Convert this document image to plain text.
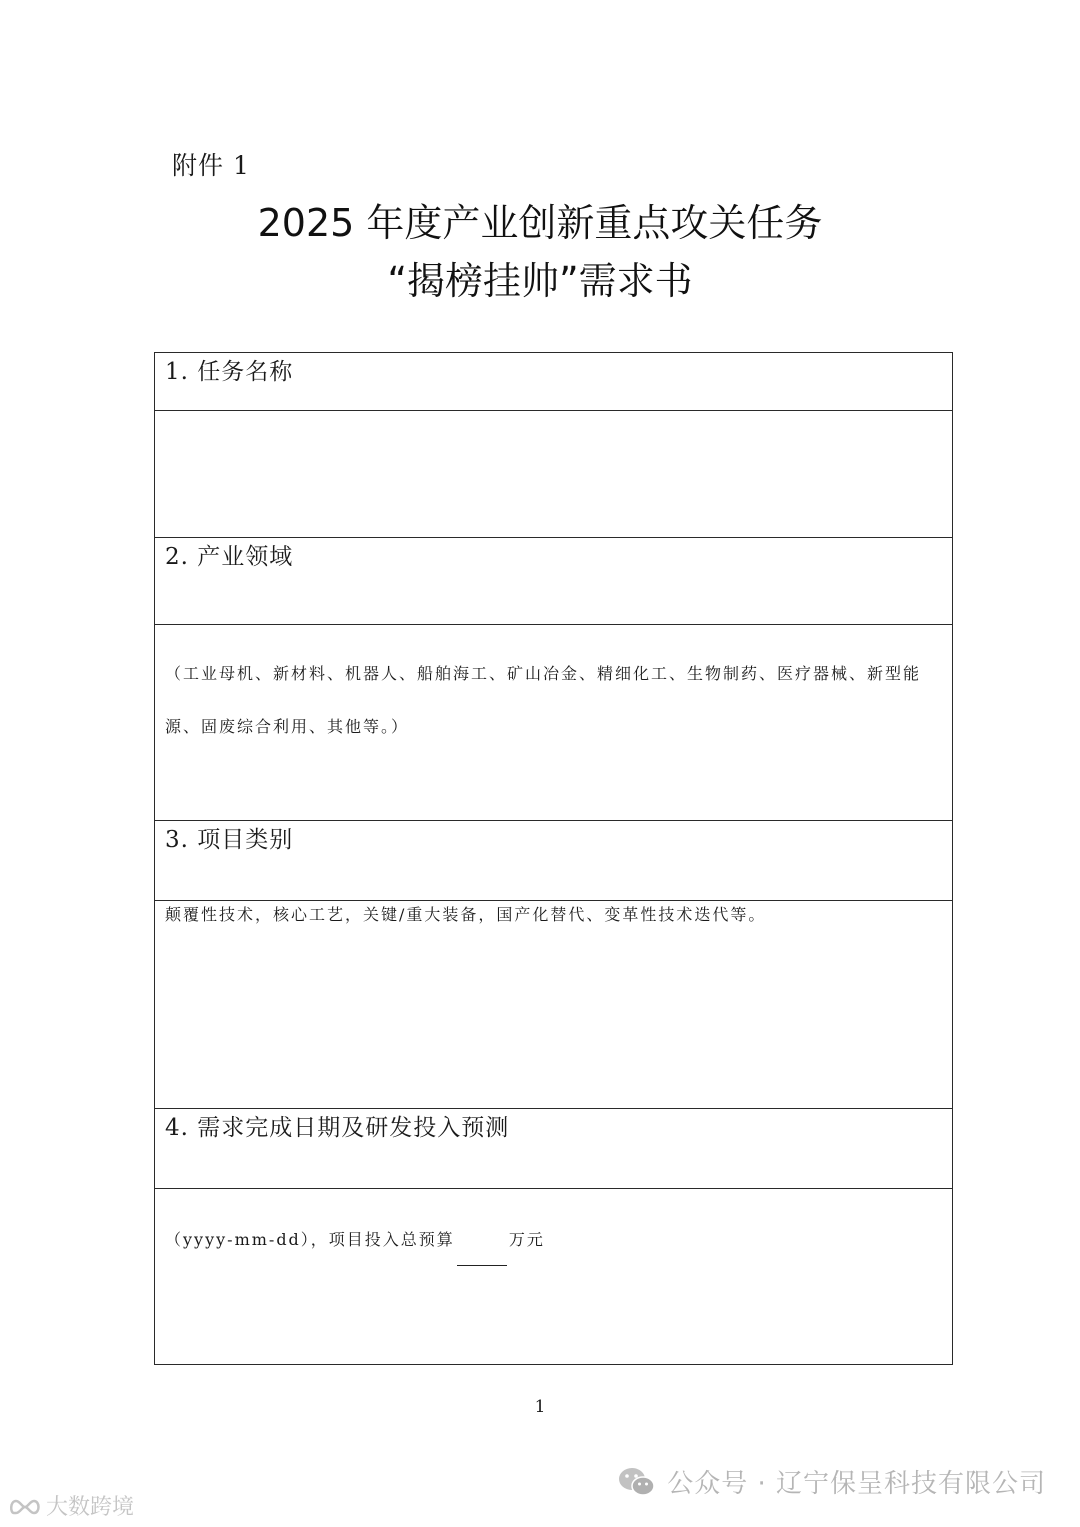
附件 1
2025 年度产业创新重点攻关任务
“揭榜挂帅”需求书
1. 任务名称

2. 产业领域

（工业母机、新材料、机器人、船舶海工、矿山冶金、精细化工、生物制药、医疗器械、新型能源、固废综合利用、其他等。）

3. 项目类别

颠覆性技术，核心工艺，关键/重大装备，国产化替代、变革性技术迭代等。

4. 需求完成日期及研发投入预测

（yyyy-mm-dd），项目投入总预算	万元
1
公众号 · 辽宁保呈科技有限公司
大数跨境
